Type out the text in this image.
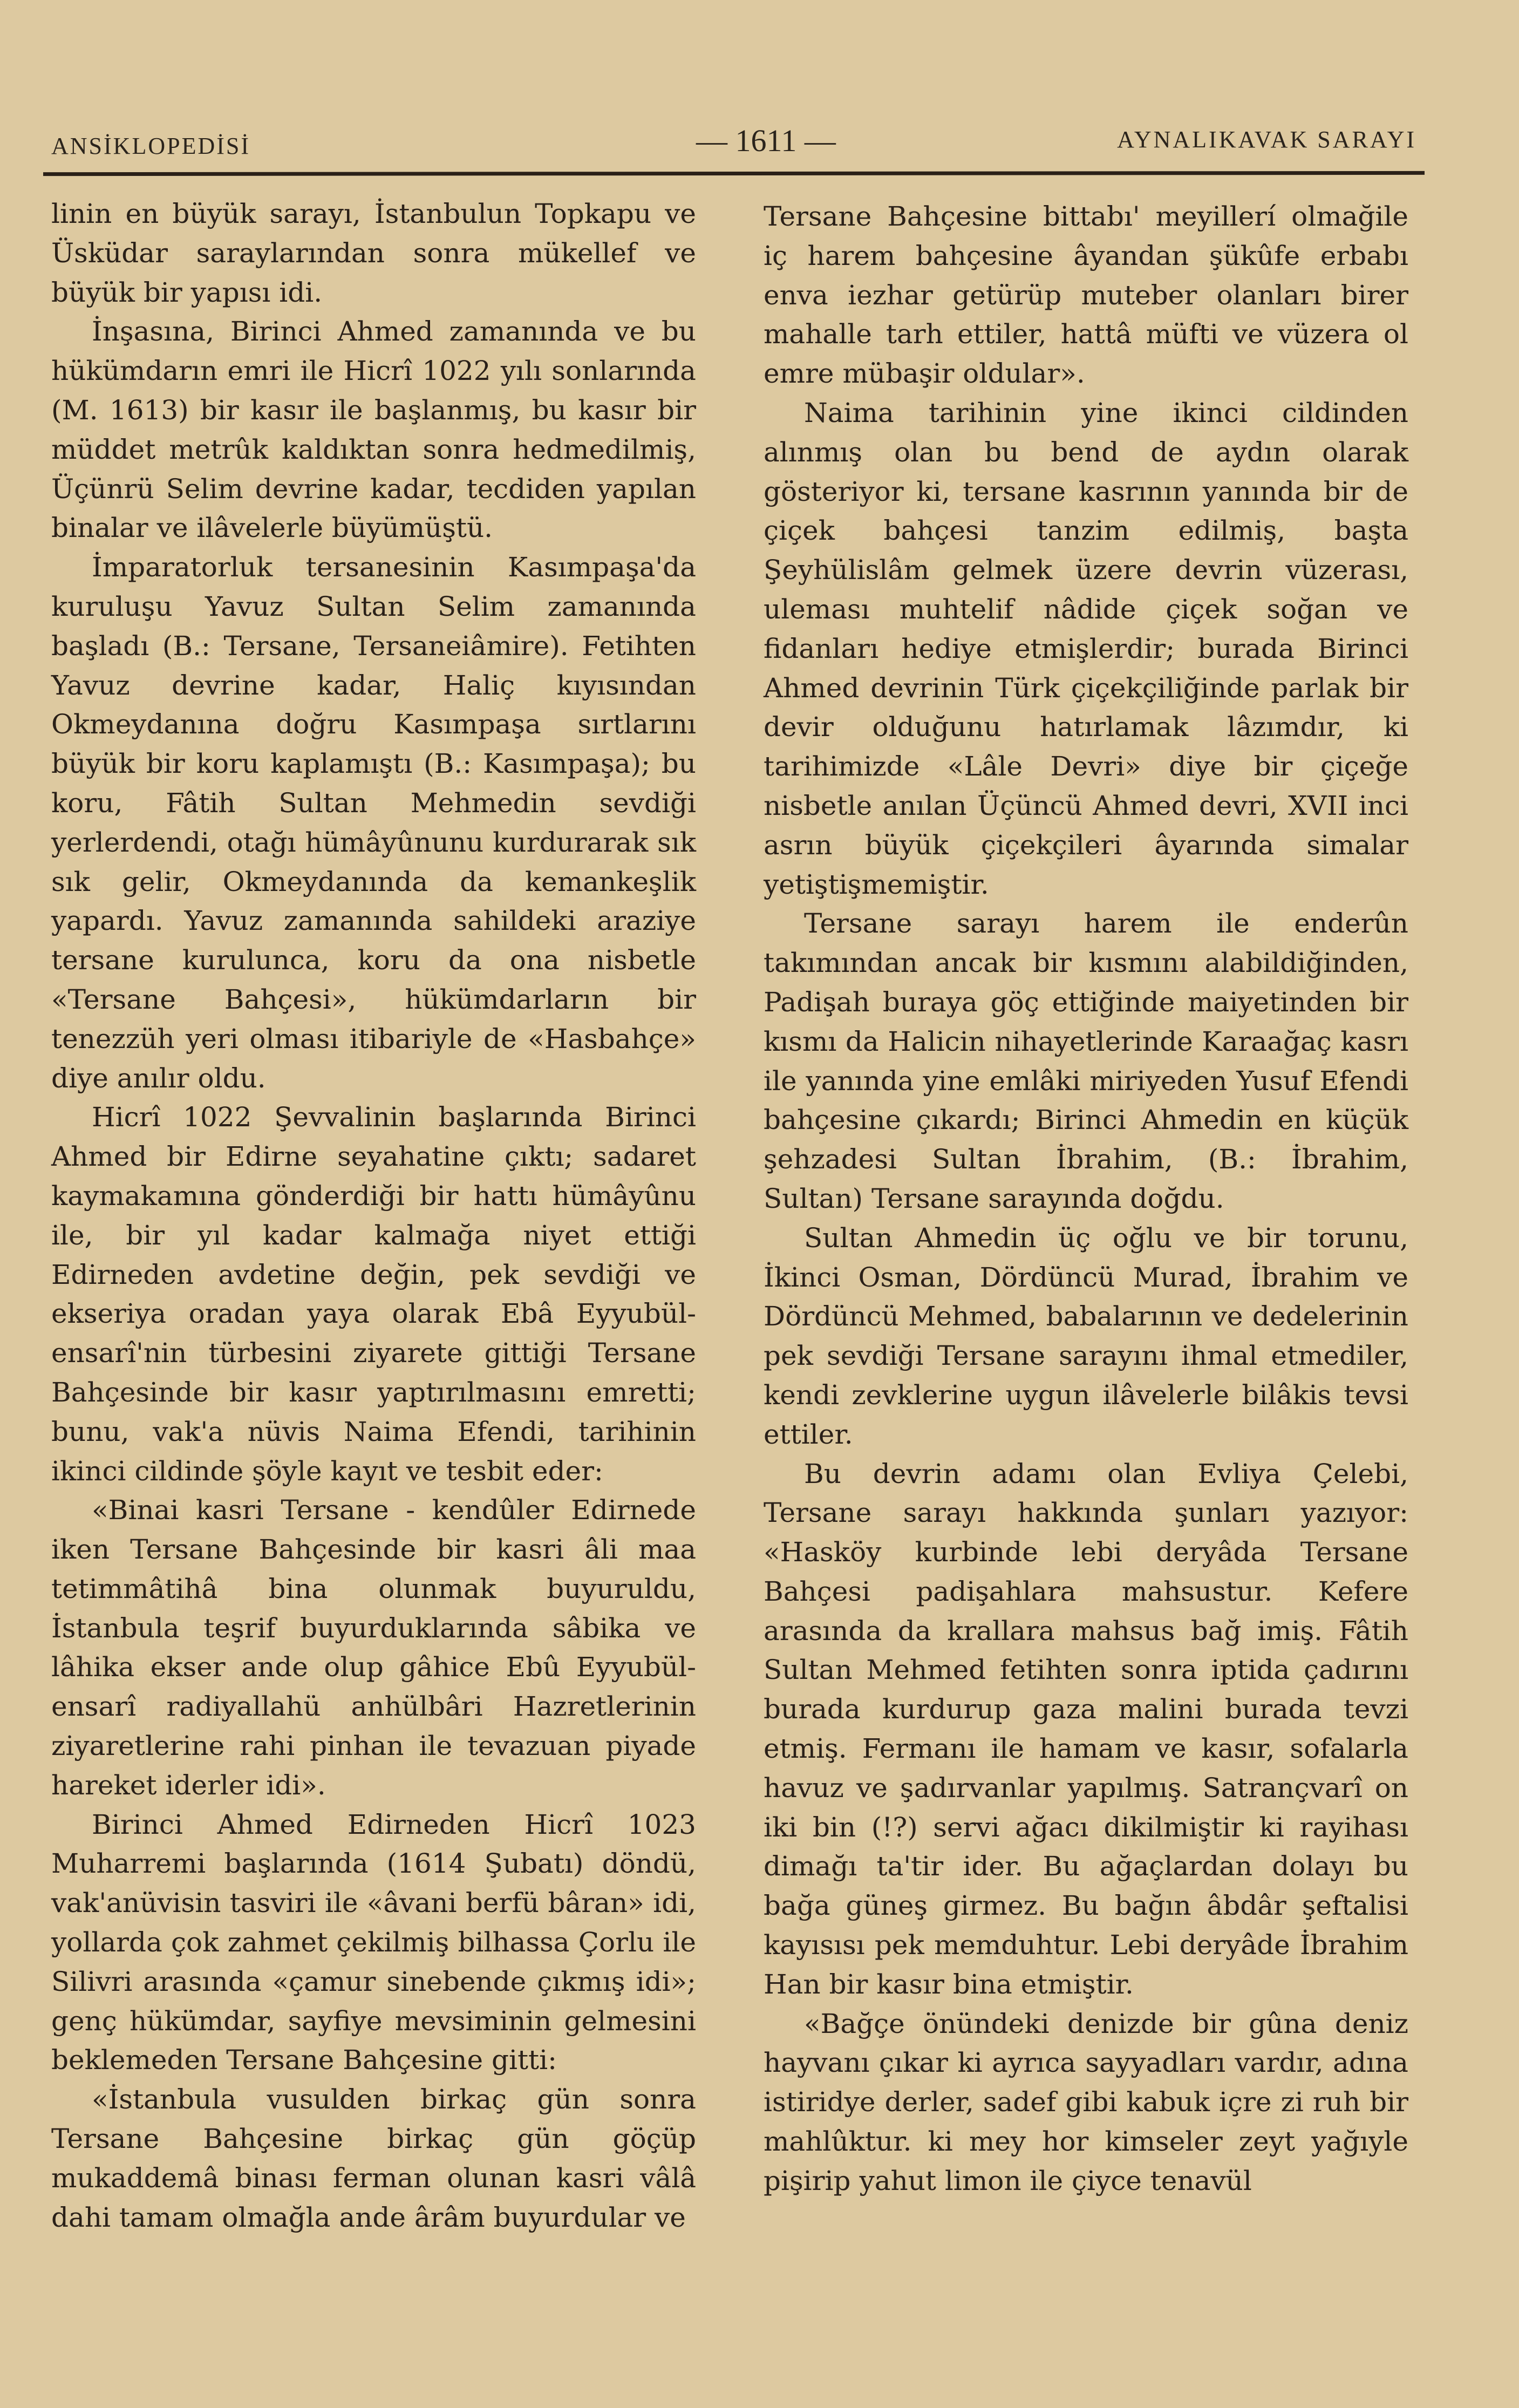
ANSİKLOPEDİSİ	— 1611 —	AYNALIKAVAK SARAYI

linin en büyük sarayı, İstanbulun Topkapu ve Üsküdar saraylarından sonra mükellef ve büyük bir yapısı idi.

İnşasına, Birinci Ahmed zamanında ve bu hükümdarın emri ile Hicrî 1022 yılı sonlarında (M. 1613) bir kasır ile başlanmış, bu kasır bir müddet metrûk kaldıktan sonra hedmedilmiş, Üçünrü Selim devrine kadar, tecdiden yapılan binalar ve ilâvelerle büyümüştü.

İmparatorluk tersanesinin Kasımpaşa'da kuruluşu Yavuz Sultan Selim zamanında başladı (B.: Tersane, Tersaneiâmire). Fetihten Yavuz devrine kadar, Haliç kıyısından Okmeydanına doğru Kasımpaşa sırtlarını büyük bir koru kaplamıştı (B.: Kasımpaşa); bu koru, Fâtih Sultan Mehmedin sevdiği yerlerdendi, otağı hümâyûnunu kurdurarak sık sık gelir, Okmeydanında da kemankeşlik yapardı. Yavuz zamanında sahildeki araziye tersane kurulunca, koru da ona nisbetle «Tersane Bahçesi», hükümdarların bir tenezzüh yeri olması itibariyle de «Hasbahçe» diye anılır oldu.

Hicrî 1022 Şevvalinin başlarında Birinci Ahmed bir Edirne seyahatine çıktı; sadaret kaymakamına gönderdiği bir hattı hümâyûnu ile, bir yıl kadar kalmağa niyet ettiği Edirneden avdetine değin, pek sevdiği ve ekseriya oradan yaya olarak Ebâ Eyyubül-ensarî'nin türbesini ziyarete gittiği Tersane Bahçesinde bir kasır yaptırılmasını emretti; bunu, vak'a nüvis Naima Efendi, tarihinin ikinci cildinde şöyle kayıt ve tesbit eder:

«Binai kasri Tersane - kendûler Edirnede iken Tersane Bahçesinde bir kasri âli maa tetimmâtihâ bina olunmak buyuruldu, İstanbula teşrif buyurduklarında sâbika ve lâhika ekser ande olup gâhice Ebû Eyyubül-ensarî radiyallahü anhülbâri Hazretlerinin ziyaretlerine rahi pinhan ile tevazuan piyade hareket iderler idi».

Birinci Ahmed Edirneden Hicrî 1023 Muharremi başlarında (1614 Şubatı) döndü, vak'anüvisin tasviri ile «âvani berfü bâran» idi, yollarda çok zahmet çekilmiş bilhassa Çorlu ile Silivri arasında «çamur sinebende çıkmış idi»; genç hükümdar, sayfiye mevsiminin gelmesini beklemeden Tersane Bahçesine gitti:

«İstanbula vusulden birkaç gün sonra Tersane Bahçesine birkaç gün göçüp mukaddemâ binası ferman olunan kasri vâlâ dahi tamam olmağla ande ârâm buyurdular ve

Tersane Bahçesine bittabı' meyillerí olmağile iç harem bahçesine âyandan şükûfe erbabı enva iezhar getürüp muteber olanları birer mahalle tarh ettiler, hattâ müfti ve vüzera ol emre mübaşir oldular».

Naima tarihinin yine ikinci cildinden alınmış olan bu bend de aydın olarak gösteriyor ki, tersane kasrının yanında bir de çiçek bahçesi tanzim edilmiş, başta Şeyhülislâm gelmek üzere devrin vüzerası, uleması muhtelif nâdide çiçek soğan ve fidanları hediye etmişlerdir; burada Birinci Ahmed devrinin Türk çiçekçiliğinde parlak bir devir olduğunu hatırlamak lâzımdır, ki tarihimizde «Lâle Devri» diye bir çiçeğe nisbetle anılan Üçüncü Ahmed devri, XVII inci asrın büyük çiçekçileri âyarında simalar yetiştişmemiştir.

Tersane sarayı harem ile enderûn takımından ancak bir kısmını alabildiğinden, Padişah buraya göç ettiğinde maiyetinden bir kısmı da Halicin nihayetlerinde Karaağaç kasrı ile yanında yine emlâki miriyeden Yusuf Efendi bahçesine çıkardı; Birinci Ahmedin en küçük şehzadesi Sultan İbrahim, (B.: İbrahim, Sultan) Tersane sarayında doğdu.

Sultan Ahmedin üç oğlu ve bir torunu, İkinci Osman, Dördüncü Murad, İbrahim ve Dördüncü Mehmed, babalarının ve dedelerinin pek sevdiği Tersane sarayını ihmal etmediler, kendi zevklerine uygun ilâvelerle bilâkis tevsi ettiler.

Bu devrin adamı olan Evliya Çelebi, Tersane sarayı hakkında şunları yazıyor: «Hasköy kurbinde lebi deryâda Tersane Bahçesi padişahlara mahsustur. Kefere arasında da krallara mahsus bağ imiş. Fâtih Sultan Mehmed fetihten sonra iptida çadırını burada kurdurup gaza malini burada tevzi etmiş. Fermanı ile hamam ve kasır, sofalarla havuz ve şadırvanlar yapılmış. Satrançvarî on iki bin (!?) servi ağacı dikilmiştir ki rayihası dimağı ta'tir ider. Bu ağaçlardan dolayı bu bağa güneş girmez. Bu bağın âbdâr şeftalisi kayısısı pek memduhtur. Lebi deryâde İbrahim Han bir kasır bina etmiştir.

«Bağçe önündeki denizde bir gûna deniz hayvanı çıkar ki ayrıca sayyadları vardır, adına istiridye derler, sadef gibi kabuk içre zi ruh bir mahlûktur. ki mey hor kimseler zeyt yağıyle pişirip yahut limon ile çiyce tenavül
